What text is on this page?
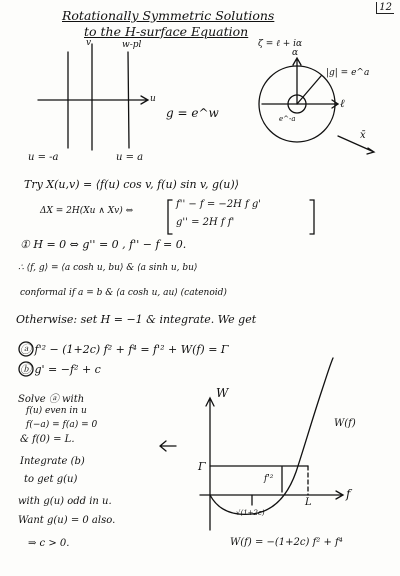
12
Rotationally Symmetric Solutions
to the H-surface Equation
v	w-pl
u
g = e^w
u = -a	u = a
ζ = ℓ + iα
α
ℓ
|g| = e^a
e^-a
x̄
Try X(u,v) = ⟨f(u) cos v, f(u) sin v, g(u)⟩
ΔX = 2H(Xu ∧ Xv) ⇔
f'' − f = −2H f g'
g'' = 2H f f'
① H = 0 ⇔ g'' = 0 , f'' − f = 0.
∴ ⟨f, g⟩ = ⟨a cosh u, bu⟩ & ⟨a sinh u, bu⟩
conformal if a = b & ⟨a cosh u, au⟩ (catenoid)
Otherwise: set H = −1 & integrate. We get
ⓐ f'² − (1+2c) f² + f⁴ = f'² + W(f) = Γ
ⓑ g' = −f² + c
Solve ⓐ with
f(u) even in u
f(−a) = f(a) = 0
& f(0) = L.
Integrate (b)
to get g(u)
with g(u) odd in u.
Want g(u) = 0 also.
⇒ c > 0.
W
f
W(f)
Γ
f'²
L
√(1+2c)
W(f) = −(1+2c) f² + f⁴
